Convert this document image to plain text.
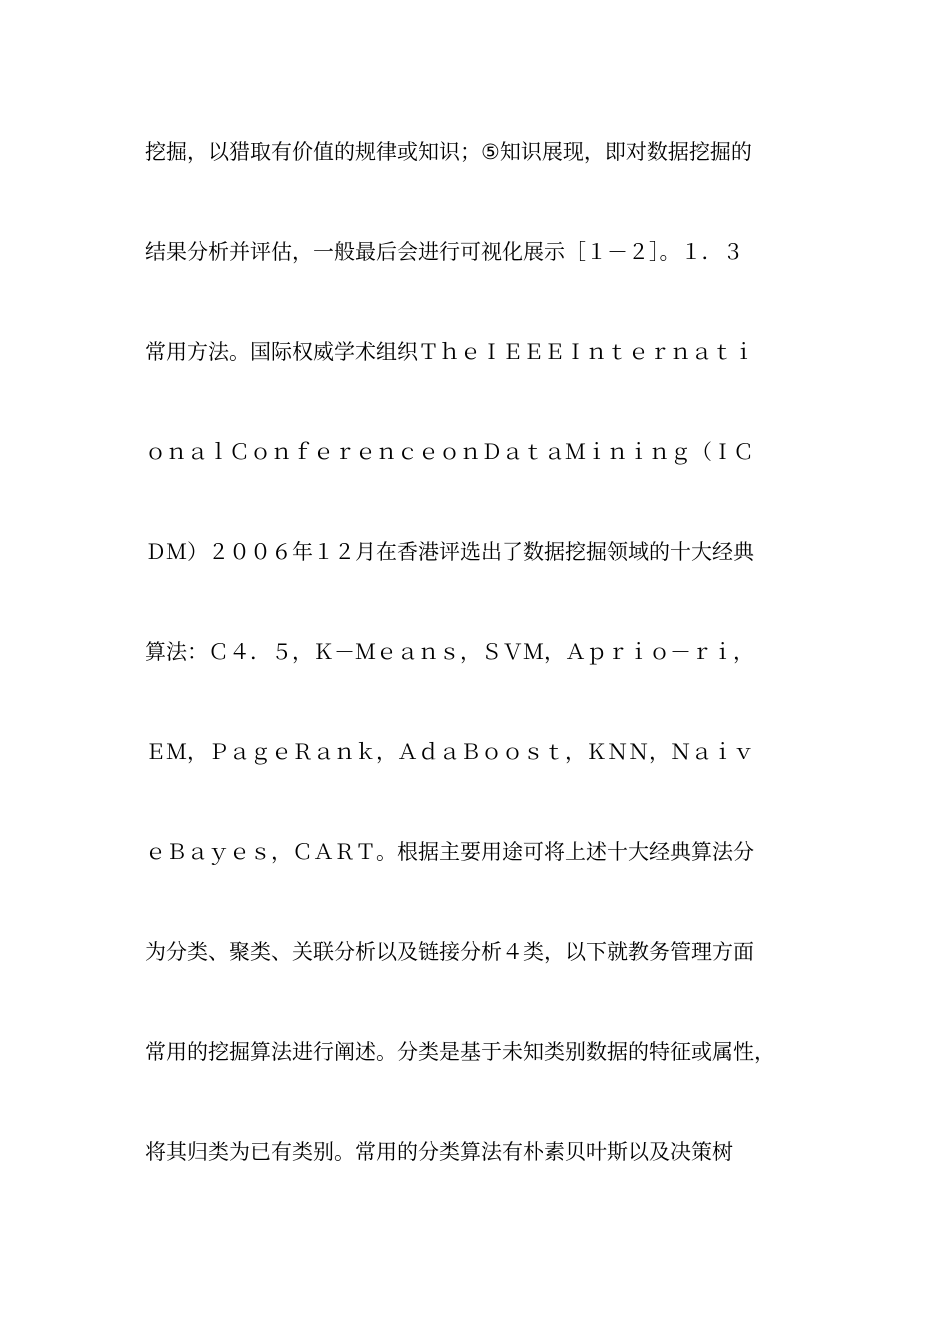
挖掘，以猎取有价值的规律或知识；⑤知识展现，即对数据挖掘的
结果分析并评估，一般最后会进行可视化展示［１－２］。１．３
常用方法。国际权威学术组织ＴｈｅＩＥＥＥＩｎｔｅｒｎａｔｉ
ｏｎａｌＣｏｎｆｅｒｅｎｃｅｏｎＤａｔａＭｉｎｉｎｇ（ＩＣ
ＤＭ）２００６年１２月在香港评选出了数据挖掘领域的十大经典
算法：Ｃ４．５，Ｋ－Ｍｅａｎｓ，ＳＶＭ，Ａｐｒｉｏ－ｒｉ，
ＥＭ，ＰａｇｅＲａｎｋ，ＡｄａＢｏｏｓｔ，ＫＮＮ，Ｎａｉｖ
ｅＢａｙｅｓ，ＣＡＲＴ。根据主要用途可将上述十大经典算法分
为分类、聚类、关联分析以及链接分析４类，以下就教务管理方面
常用的挖掘算法进行阐述。分类是基于未知类别数据的特征或属性，
将其归类为已有类别。常用的分类算法有朴素贝叶斯以及决策树
